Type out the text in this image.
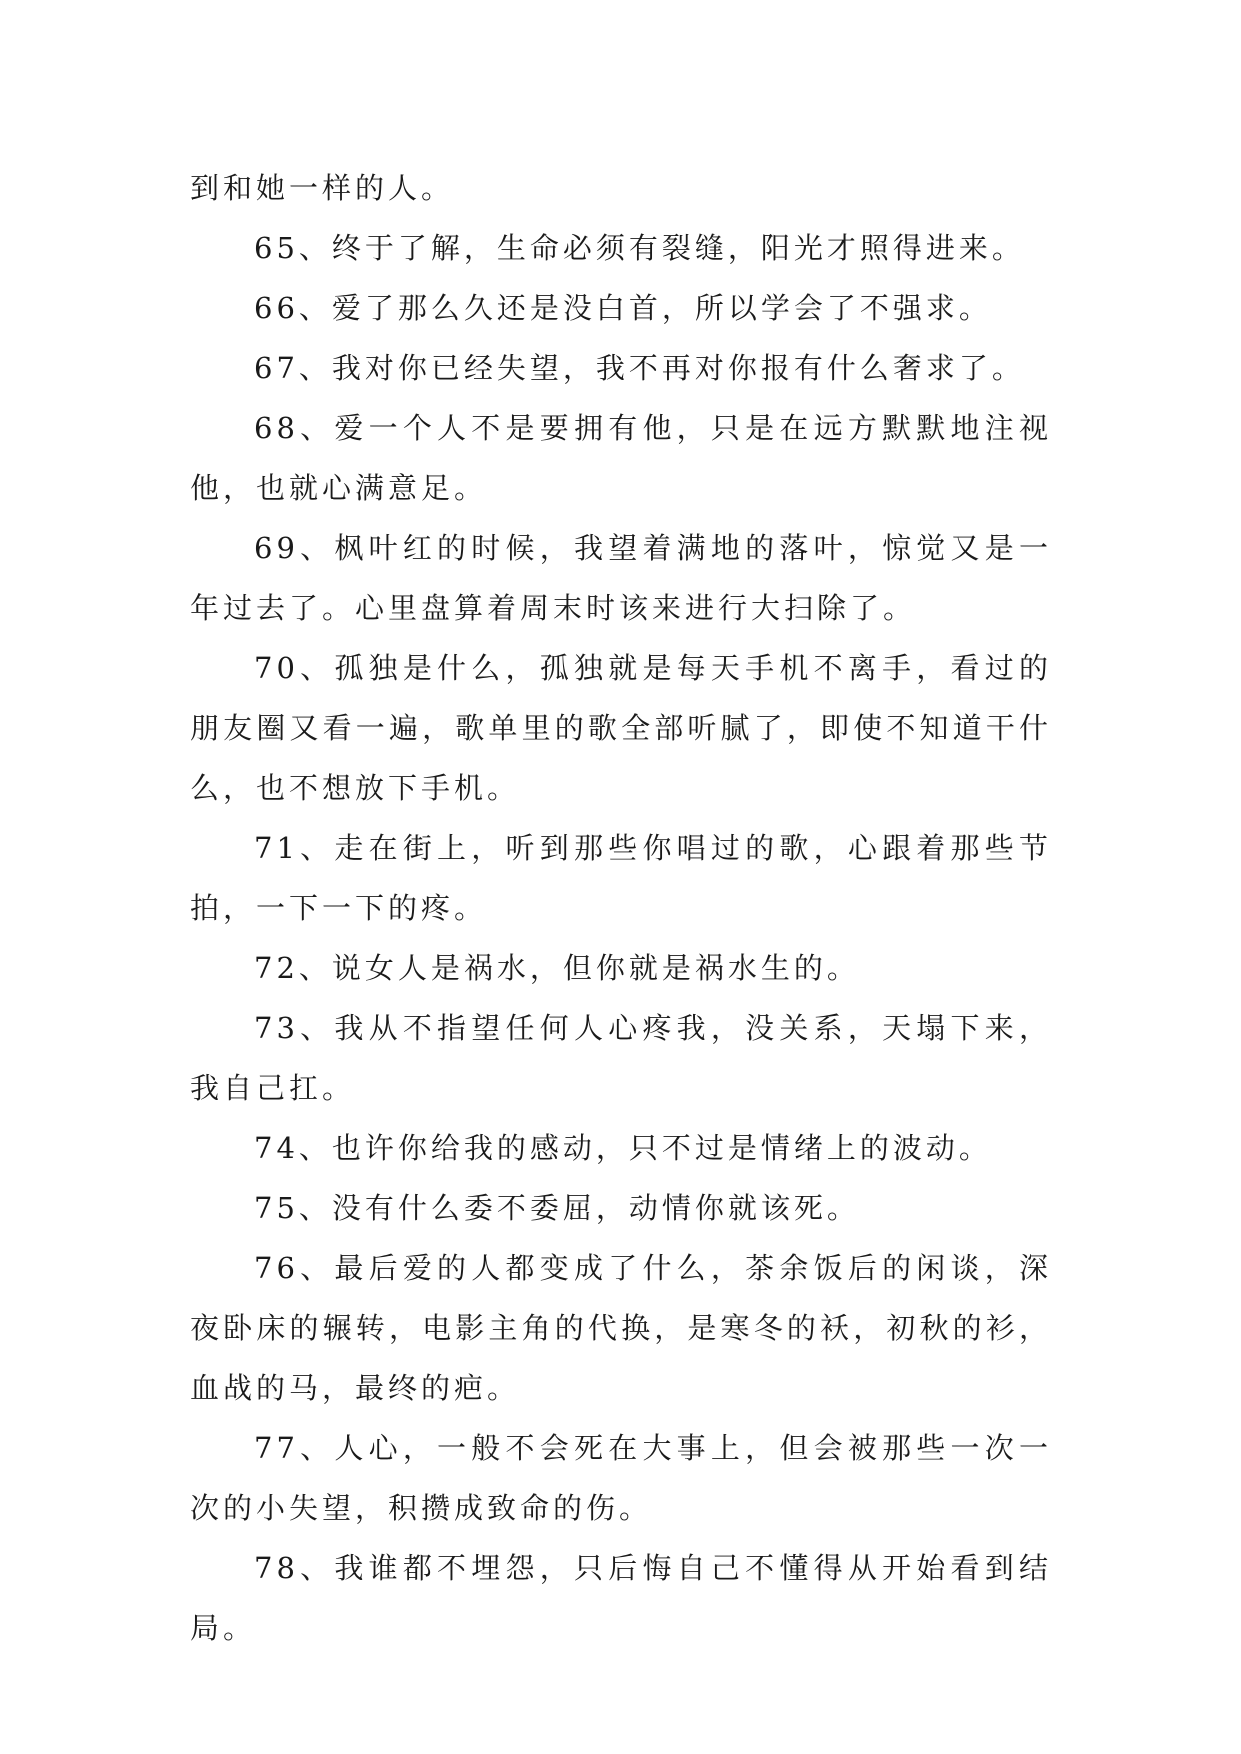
到和她一样的人。

65、终于了解，生命必须有裂缝，阳光才照得进来。

66、爱了那么久还是没白首，所以学会了不强求。

67、我对你已经失望，我不再对你报有什么奢求了。

68、爱一个人不是要拥有他，只是在远方默默地注视他，也就心满意足。

69、枫叶红的时候，我望着满地的落叶，惊觉又是一年过去了。心里盘算着周末时该来进行大扫除了。

70、孤独是什么，孤独就是每天手机不离手，看过的朋友圈又看一遍，歌单里的歌全部听腻了，即使不知道干什么，也不想放下手机。

71、走在街上，听到那些你唱过的歌，心跟着那些节拍，一下一下的疼。

72、说女人是祸水，但你就是祸水生的。

73、我从不指望任何人心疼我，没关系，天塌下来，我自己扛。

74、也许你给我的感动，只不过是情绪上的波动。

75、没有什么委不委屈，动情你就该死。

76、最后爱的人都变成了什么，茶余饭后的闲谈，深夜卧床的辗转，电影主角的代换，是寒冬的袄，初秋的衫，血战的马，最终的疤。

77、人心，一般不会死在大事上，但会被那些一次一次的小失望，积攒成致命的伤。

78、我谁都不埋怨，只后悔自己不懂得从开始看到结局。
